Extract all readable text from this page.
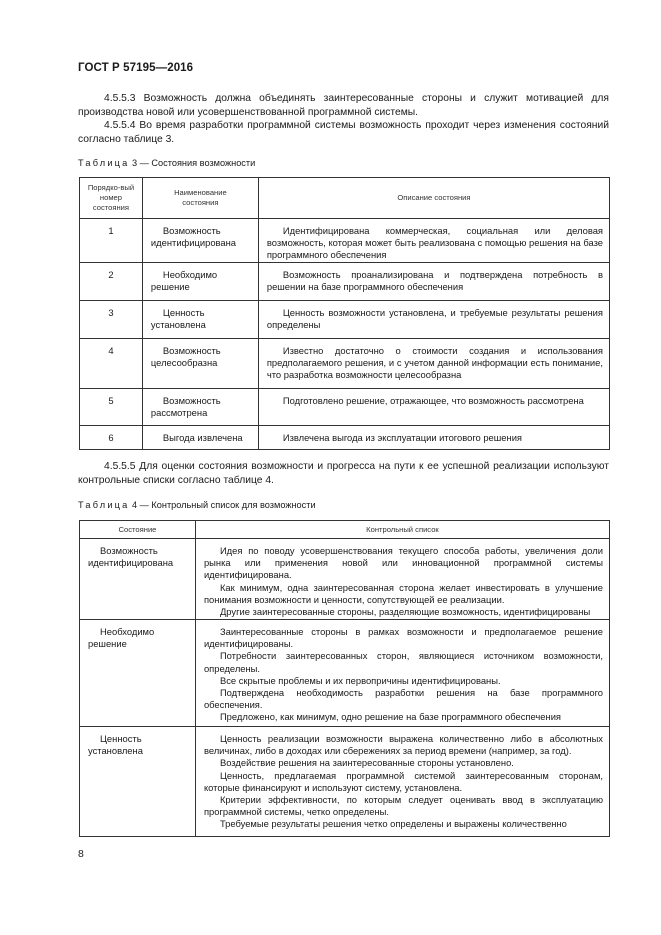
ГОСТ Р 57195—2016
4.5.5.3 Возможность должна объединять заинтересованные стороны и служит мотивацией для производства новой или усовершенствованной программной системы.
4.5.5.4 Во время разработки программной системы возможность проходит через изменения состояний согласно таблице 3.
Таблица 3 — Состояния возможности
Порядко-вый номер состояния	Наименование состояния	Описание состояния
1	Возможность идентифицирована	Идентифицирована коммерческая, социальная или деловая возможность, которая может быть реализована с помощью решения на базе программного обеспечения
2	Необходимо решение	Возможность проанализирована и подтверждена потребность в решении на базе программного обеспечения
3	Ценность установлена	Ценность возможности установлена, и требуемые результаты решения определены
4	Возможность целесообразна	Известно достаточно о стоимости создания и использования предполагаемого решения, и с учетом данной информации есть понимание, что разработка возможности целесообразна
5	Возможность рассмотрена	Подготовлено решение, отражающее, что возможность рассмотрена
6	Выгода извлечена	Извлечена выгода из эксплуатации итогового решения
4.5.5.5 Для оценки состояния возможности и прогресса на пути к ее успешной реализации используют контрольные списки согласно таблице 4.
Таблица 4 — Контрольный список для возможности
Состояние	Контрольный список
Возможность идентифицирована	Идея по поводу усовершенствования текущего способа работы, увеличения доли рынка или применения новой или инновационной программной системы идентифицирована.

Как минимум, одна заинтересованная сторона желает инвестировать в улучшение понимания возможности и ценности, сопутствующей ее реализации.

Другие заинтересованные стороны, разделяющие возможность, идентифицированы

Необходимо решение	Заинтересованные стороны в рамках возможности и предполагаемое решение идентифицированы.

Потребности заинтересованных сторон, являющиеся источником возможности, определены.

Все скрытые проблемы и их первопричины идентифицированы.

Подтверждена необходимость разработки решения на базе программного обеспечения.

Предложено, как минимум, одно решение на базе программного обеспечения

Ценность установлена	Ценность реализации возможности выражена количественно либо в абсолютных величинах, либо в доходах или сбережениях за период времени (например, за год).

Воздействие решения на заинтересованные стороны установлено.

Ценность, предлагаемая программной системой заинтересованным сторонам, которые финансируют и используют систему, установлена.

Критерии эффективности, по которым следует оценивать ввод в эксплуатацию программной системы, четко определены.

Требуемые результаты решения четко определены и выражены количественно

8
